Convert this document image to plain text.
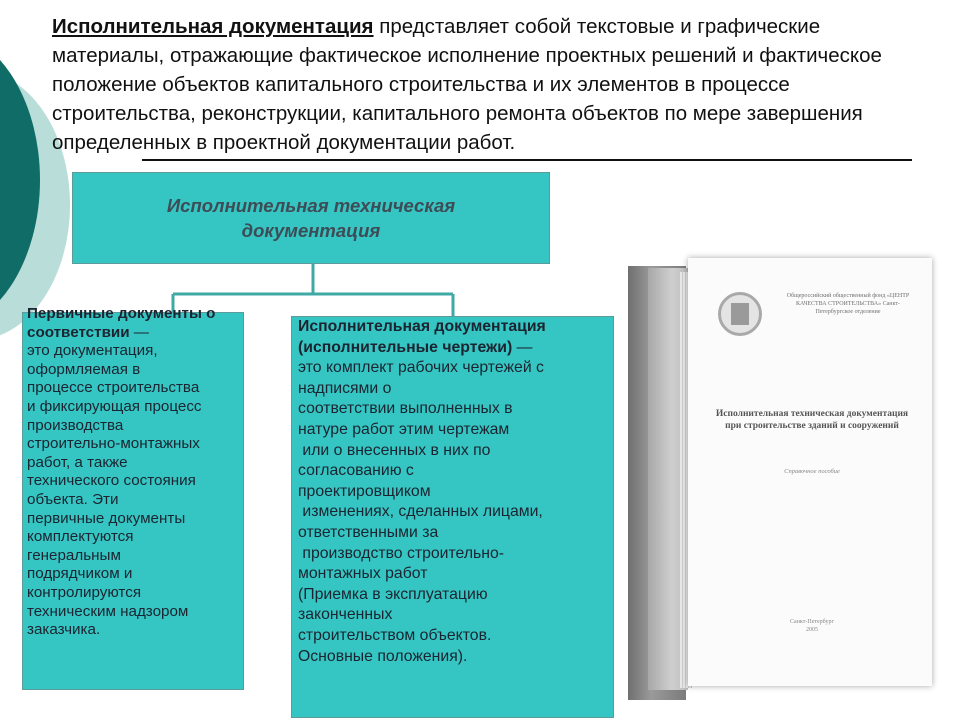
Исполнительная документация представляет собой текстовые и графические материалы, отражающие фактическое исполнение проектных решений и фактическое положение объектов капитального строительства и их элементов в процессе строительства, реконструкции, капитального ремонта объектов по мере завершения определенных в проектной документации работ.

Исполнительная техническая документация
Первичные документы о соответствии —
это документация,
оформляемая в
процессе строительства
и фиксирующая процесс
производства
строительно-монтажных
работ, а также
технического состояния
объекта. Эти
первичные документы
комплектуются
генеральным
подрядчиком и
контролируются
техническим надзором
заказчика.
Исполнительная документация
(исполнительные чертежи) —
это комплект рабочих чертежей с
надписями о
соответствии выполненных в
натуре работ этим чертежам
или о внесенных в них по
согласованию с
проектировщиком
изменениях, сделанных лицами,
ответственными за
производство строительно-
монтажных работ
(Приемка в эксплуатацию
законченных
строительством объектов.
Основные положения).
Общероссийский общественный фонд «ЦЕНТР КАЧЕСТВА СТРОИТЕЛЬСТВА» Санкт-Петербургское отделение
Исполнительная техническая документация
при строительстве зданий и сооружений
Справочное пособие
Санкт-Петербург
2005
